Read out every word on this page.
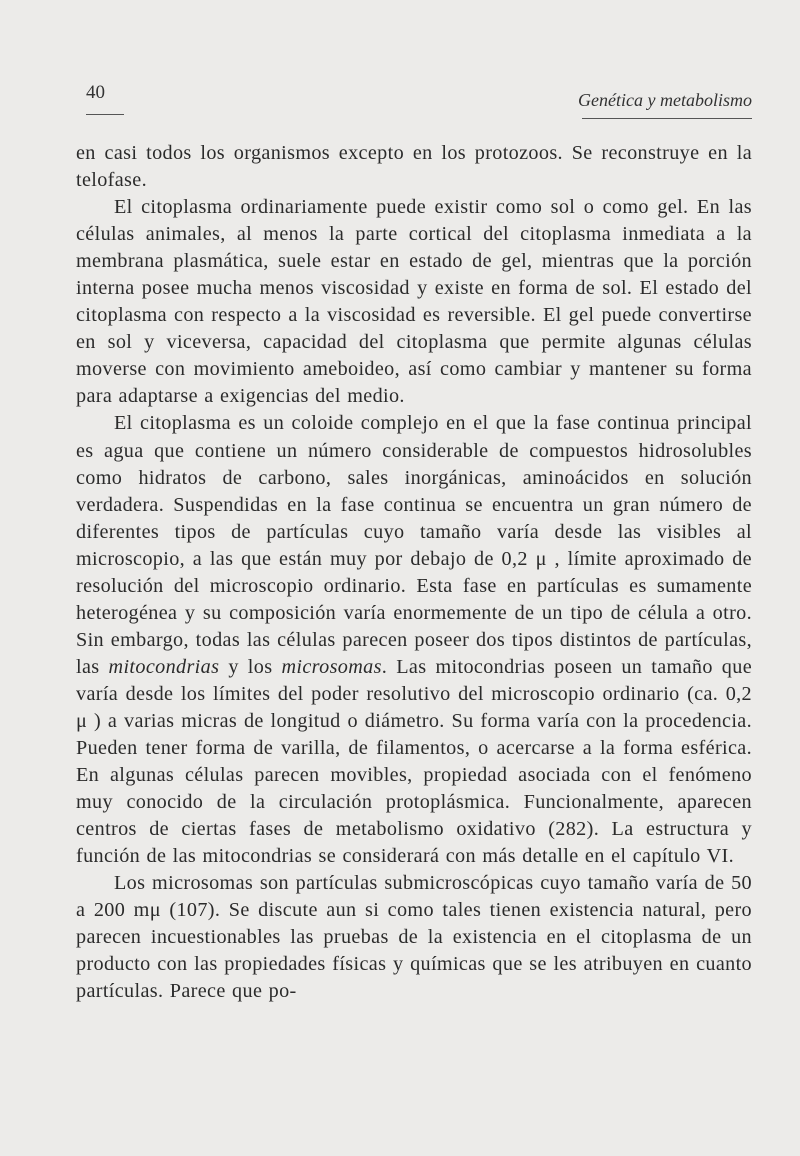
40	Genética y metabolismo

en casi todos los organismos excepto en los protozoos. Se reconstruye en la telofase.

El citoplasma ordinariamente puede existir como sol o como gel. En las células animales, al menos la parte cortical del citoplasma inmediata a la membrana plasmática, suele estar en estado de gel, mientras que la porción interna posee mucha menos viscosidad y existe en forma de sol. El estado del citoplasma con respecto a la viscosidad es reversible. El gel puede convertirse en sol y viceversa, capacidad del citoplasma que permite algunas células moverse con movimiento ameboideo, así como cambiar y mantener su forma para adaptarse a exigencias del medio.

El citoplasma es un coloide complejo en el que la fase continua principal es agua que contiene un número considerable de compuestos hidrosolubles como hidratos de carbono, sales inorgánicas, aminoácidos en solución verdadera. Suspendidas en la fase continua se encuentra un gran número de diferentes tipos de partículas cuyo tamaño varía desde las visibles al microscopio, a las que están muy por debajo de 0,2 μ , límite aproximado de resolución del microscopio ordinario. Esta fase en partículas es sumamente heterogénea y su composición varía enormemente de un tipo de célula a otro. Sin embargo, todas las células parecen poseer dos tipos distintos de partículas, las mitocondrias y los microsomas. Las mitocondrias poseen un tamaño que varía desde los límites del poder resolutivo del microscopio ordinario (ca. 0,2 μ ) a varias micras de longitud o diámetro. Su forma varía con la procedencia. Pueden tener forma de varilla, de filamentos, o acercarse a la forma esférica. En algunas células parecen movibles, propiedad asociada con el fenómeno muy conocido de la circulación protoplásmica. Funcionalmente, aparecen centros de ciertas fases de metabolismo oxidativo (282). La estructura y función de las mitocondrias se considerará con más detalle en el capítulo VI.

Los microsomas son partículas submicroscópicas cuyo tamaño varía de 50 a 200 mμ (107). Se discute aun si como tales tienen existencia natural, pero parecen incuestionables las pruebas de la existencia en el citoplasma de un producto con las propiedades físicas y químicas que se les atribuyen en cuanto partículas. Parece que po-
